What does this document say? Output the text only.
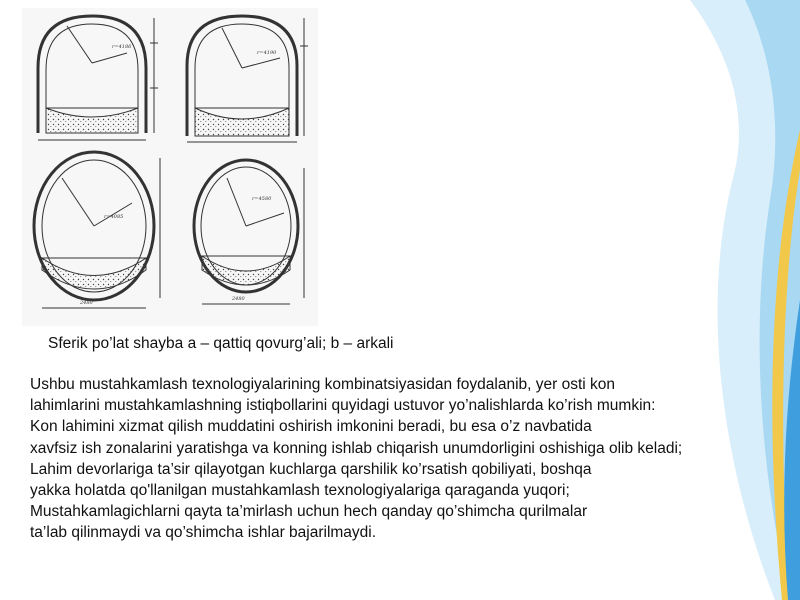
r=4186
r=4190
r=4085
2480
r=4580
2480
Sferik po’lat shayba a – qattiq qovurg’ali; b – arkali
Ushbu mustahkamlash texnologiyalarining kombinatsiyasidan foydalanib, yer osti kon
lahimlarini mustahkamlashning istiqbollarini quyidagi ustuvor yo’nalishlarda ko’rish mumkin:
Kon lahimini xizmat qilish muddatini oshirish imkonini beradi, bu esa o’z navbatida
xavfsiz ish zonalarini yaratishga va konning ishlab chiqarish unumdorligini oshishiga olib keladi;
Lahim devorlariga ta’sir qilayotgan kuchlarga qarshilik ko’rsatish qobiliyati, boshqa
yakka holatda qo'llanilgan mustahkamlash texnologiyalariga qaraganda yuqori;
Mustahkamlagichlarni qayta ta’mirlash uchun hech qanday qo’shimcha qurilmalar
ta’lab qilinmaydi va qo’shimcha ishlar bajarilmaydi.
